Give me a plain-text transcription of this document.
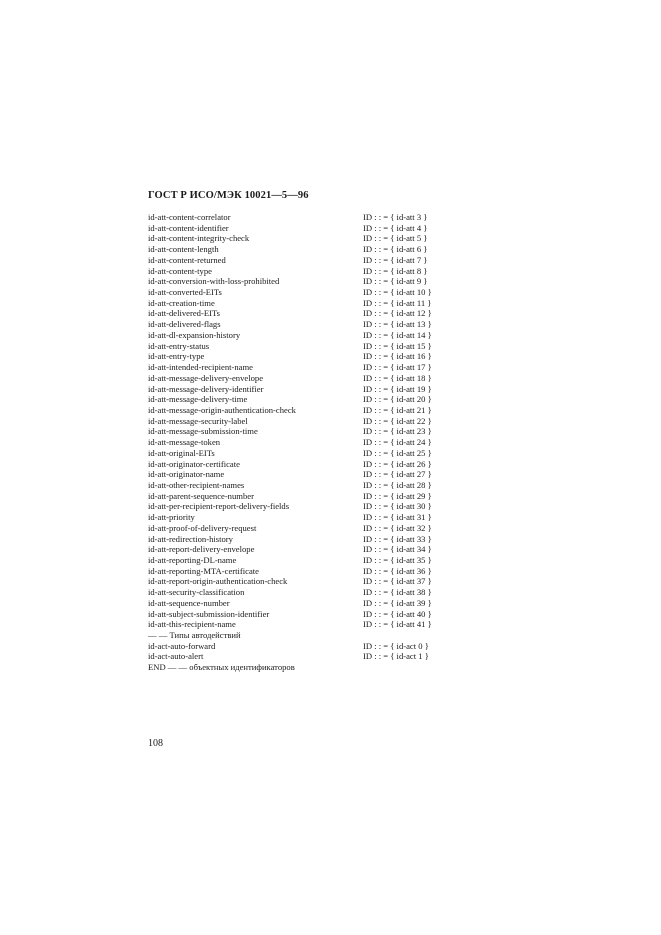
ГОСТ Р ИСО/МЭК 10021—5—96
id-att-content-correlator	ID : : = { id-att 3 }
id-att-content-identifier	ID : : = { id-att 4 }
id-att-content-integrity-check	ID : : = { id-att 5 }
id-att-content-length	ID : : = { id-att 6 }
id-att-content-returned	ID : : = { id-att 7 }
id-att-content-type	ID : : = { id-att 8 }
id-att-conversion-with-loss-prohibited	ID : : = { id-att 9 }
id-att-converted-EITs	ID : : = { id-att 10 }
id-att-creation-time	ID : : = { id-att 11 }
id-att-delivered-EITs	ID : : = { id-att 12 }
id-att-delivered-flags	ID : : = { id-att 13 }
id-att-dl-expansion-history	ID : : = { id-att 14 }
id-att-entry-status	ID : : = { id-att 15 }
id-att-entry-type	ID : : = { id-att 16 }
id-att-intended-recipient-name	ID : : = { id-att 17 }
id-att-message-delivery-envelope	ID : : = { id-att 18 }
id-att-message-delivery-identifier	ID : : = { id-att 19 }
id-att-message-delivery-time	ID : : = { id-att 20 }
id-att-message-origin-authentication-check	ID : : = { id-att 21 }
id-att-message-security-label	ID : : = { id-att 22 }
id-att-message-submission-time	ID : : = { id-att 23 }
id-att-message-token	ID : : = { id-att 24 }
id-att-original-EITs	ID : : = { id-att 25 }
id-att-originator-certificate	ID : : = { id-att 26 }
id-att-originator-name	ID : : = { id-att 27 }
id-att-other-recipient-names	ID : : = { id-att 28 }
id-att-parent-sequence-number	ID : : = { id-att 29 }
id-att-per-recipient-report-delivery-fields	ID : : = { id-att 30 }
id-att-priority	ID : : = { id-att 31 }
id-att-proof-of-delivery-request	ID : : = { id-att 32 }
id-att-redirection-history	ID : : = { id-att 33 }
id-att-report-delivery-envelope	ID : : = { id-att 34 }
id-att-reporting-DL-name	ID : : = { id-att 35 }
id-att-reporting-MTA-certificate	ID : : = { id-att 36 }
id-att-report-origin-authentication-check	ID : : = { id-att 37 }
id-att-security-classification	ID : : = { id-att 38 }
id-att-sequence-number	ID : : = { id-att 39 }
id-att-subject-submission-identifier	ID : : = { id-att 40 }
id-att-this-recipient-name	ID : : = { id-att 41 }
— — Типы автодействий
id-act-auto-forward	ID : : = { id-act 0 }
id-act-auto-alert	ID : : = { id-act 1 }
END — — объектных идентификаторов
108
